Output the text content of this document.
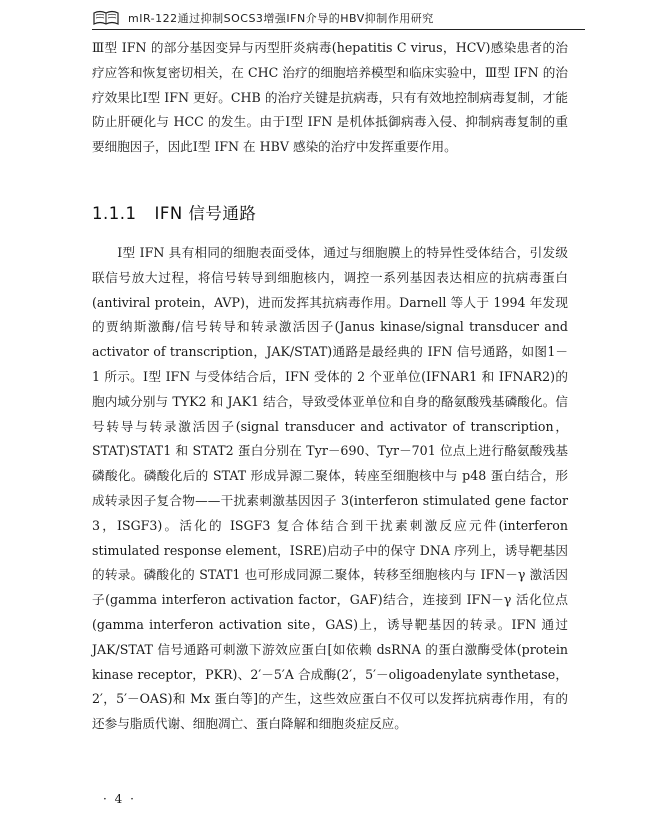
mIR-122通过抑制SOCS3增强IFN介导的HBV抑制作用研究

Ⅲ型 IFN 的部分基因变异与丙型肝炎病毒(hepatitis C virus，HCV)感染患者的治疗应答和恢复密切相关，在 CHC 治疗的细胞培养模型和临床实验中，Ⅲ型 IFN 的治疗效果比Ⅰ型 IFN 更好。CHB 的治疗关键是抗病毒，只有有效地控制病毒复制，才能防止肝硬化与 HCC 的发生。由于Ⅰ型 IFN 是机体抵御病毒入侵、抑制病毒复制的重要细胞因子，因此Ⅰ型 IFN 在 HBV 感染的治疗中发挥重要作用。

1.1.1 IFN 信号通路

Ⅰ型 IFN 具有相同的细胞表面受体，通过与细胞膜上的特异性受体结合，引发级联信号放大过程，将信号转导到细胞核内，调控一系列基因表达相应的抗病毒蛋白(antiviral protein，AVP)，进而发挥其抗病毒作用。Darnell 等人于 1994 年发现的贾纳斯激酶/信号转导和转录激活因子(Janus kinase/signal transducer and activator of transcription，JAK/STAT)通路是最经典的 IFN 信号通路，如图1－1 所示。Ⅰ型 IFN 与受体结合后，IFN 受体的 2 个亚单位(IFNAR1 和 IFNAR2)的胞内域分别与 TYK2 和 JAK1 结合，导致受体亚单位和自身的酪氨酸残基磷酸化。信号转导与转录激活因子(signal transducer and activator of transcription，STAT)STAT1 和 STAT2 蛋白分别在 Tyr－690、Tyr－701 位点上进行酪氨酸残基磷酸化。磷酸化后的 STAT 形成异源二聚体，转座至细胞核中与 p48 蛋白结合，形成转录因子复合物——干扰素刺激基因因子 3(interferon stimulated gene factor 3，ISGF3)。活化的 ISGF3 复合体结合到干扰素刺激反应元件(interferon stimulated response element，ISRE)启动子中的保守 DNA 序列上，诱导靶基因的转录。磷酸化的 STAT1 也可形成同源二聚体，转移至细胞核内与 IFN－γ 激活因子(gamma interferon activation factor，GAF)结合，连接到 IFN－γ 活化位点(gamma interferon activation site，GAS)上，诱导靶基因的转录。IFN 通过 JAK/STAT 信号通路可刺激下游效应蛋白[如依赖 dsRNA 的蛋白激酶受体(protein kinase receptor，PKR)、2′－5′A 合成酶(2′，5′－oligoadenylate synthetase，2′，5′－OAS)和 Mx 蛋白等]的产生，这些效应蛋白不仅可以发挥抗病毒作用，有的还参与脂质代谢、细胞凋亡、蛋白降解和细胞炎症反应。

· 4 ·
